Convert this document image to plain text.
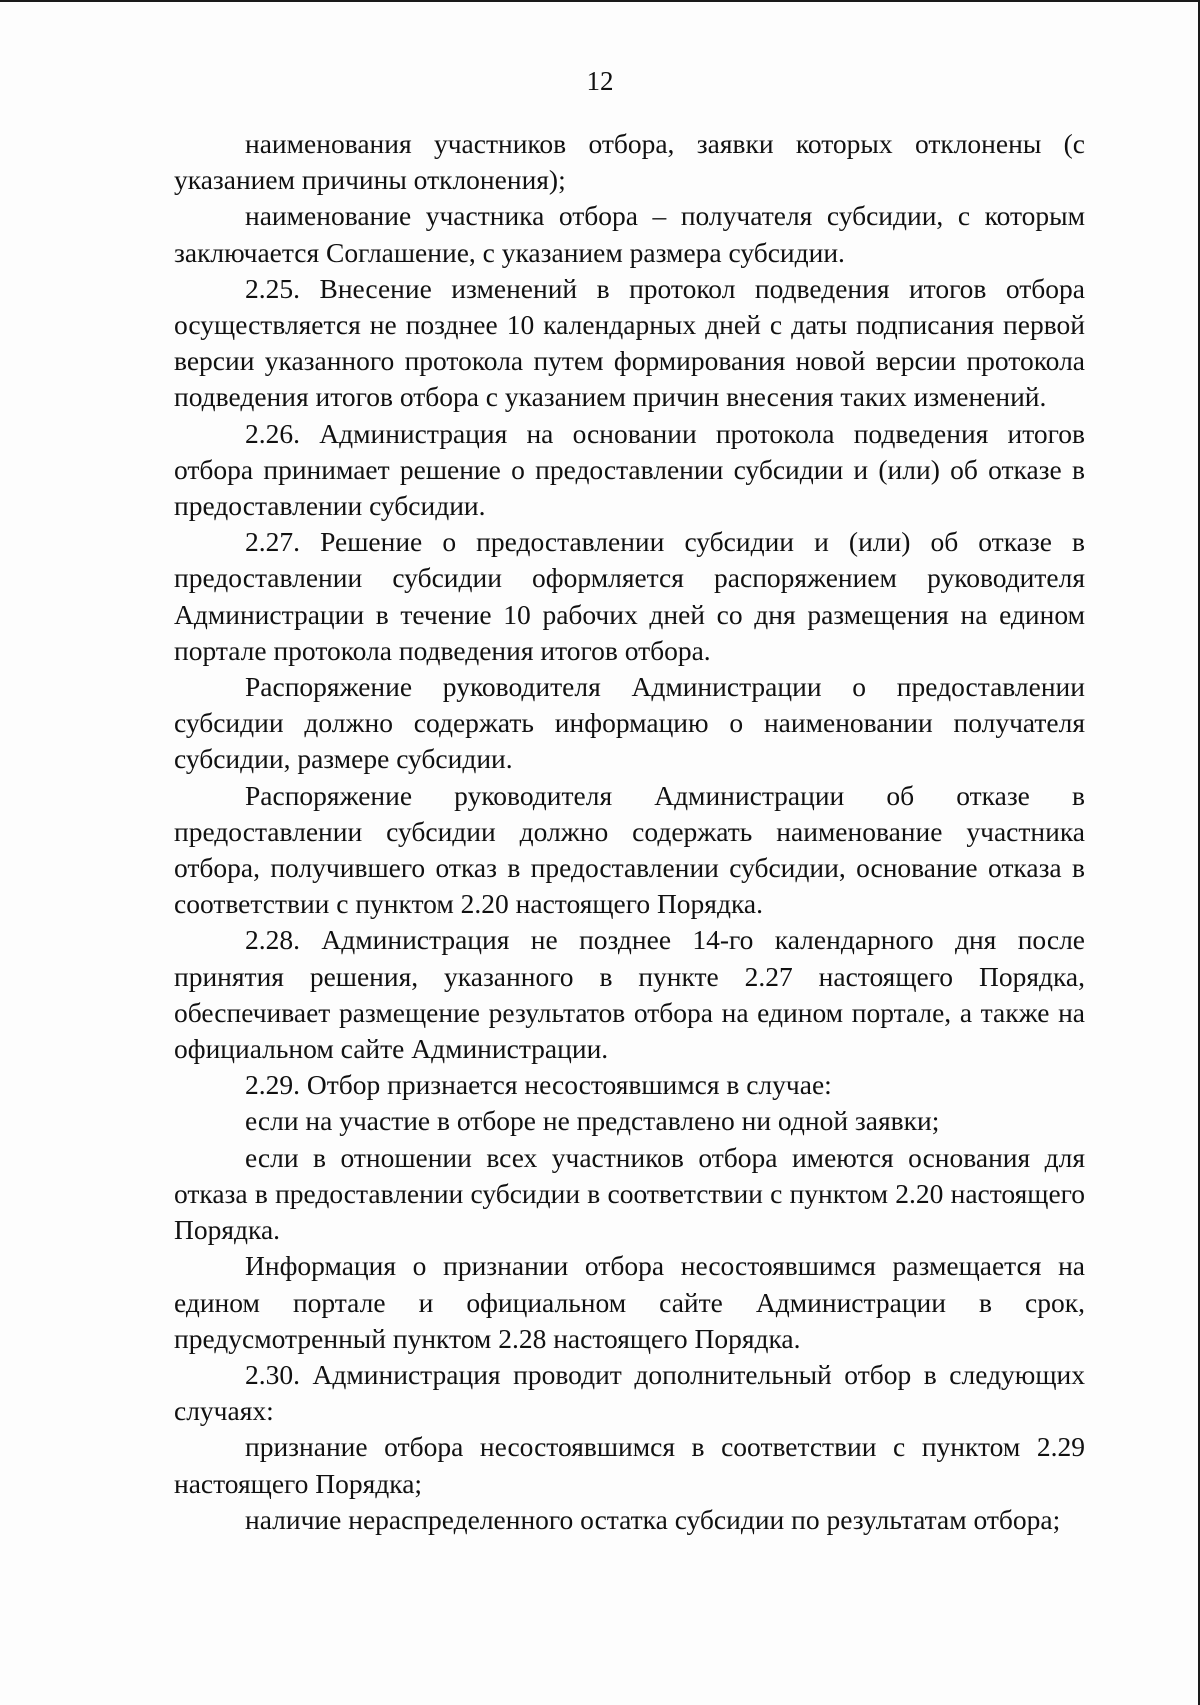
12

наименования участников отбора, заявки которых отклонены (с указанием причины отклонения);

наименование участника отбора – получателя субсидии, с которым заключается Соглашение, с указанием размера субсидии.

2.25. Внесение изменений в протокол подведения итогов отбора осуществляется не позднее 10 календарных дней с даты подписания первой версии указанного протокола путем формирования новой версии протокола подведения итогов отбора с указанием причин внесения таких изменений.

2.26. Администрация на основании протокола подведения итогов отбора принимает решение о предоставлении субсидии и (или) об отказе в предоставлении субсидии.

2.27. Решение о предоставлении субсидии и (или) об отказе в предоставлении субсидии оформляется распоряжением руководителя Администрации в течение 10 рабочих дней со дня размещения на едином портале протокола подведения итогов отбора.

Распоряжение руководителя Администрации о предоставлении субсидии должно содержать информацию о наименовании получателя субсидии, размере субсидии.

Распоряжение руководителя Администрации об отказе в предоставлении субсидии должно содержать наименование участника отбора, получившего отказ в предоставлении субсидии, основание отказа в соответствии с пунктом 2.20 настоящего Порядка.

2.28. Администрация не позднее 14-го календарного дня после принятия решения, указанного в пункте 2.27 настоящего Порядка, обеспечивает размещение результатов отбора на едином портале, а также на официальном сайте Администрации.

2.29. Отбор признается несостоявшимся в случае:

если на участие в отборе не представлено ни одной заявки;

если в отношении всех участников отбора имеются основания для отказа в предоставлении субсидии в соответствии с пунктом 2.20 настоящего Порядка.

Информация о признании отбора несостоявшимся размещается на едином портале и официальном сайте Администрации в срок, предусмотренный пунктом 2.28 настоящего Порядка.

2.30. Администрация проводит дополнительный отбор в следующих случаях:

признание отбора несостоявшимся в соответствии с пунктом 2.29 настоящего Порядка;

наличие нераспределенного остатка субсидии по результатам отбора;
